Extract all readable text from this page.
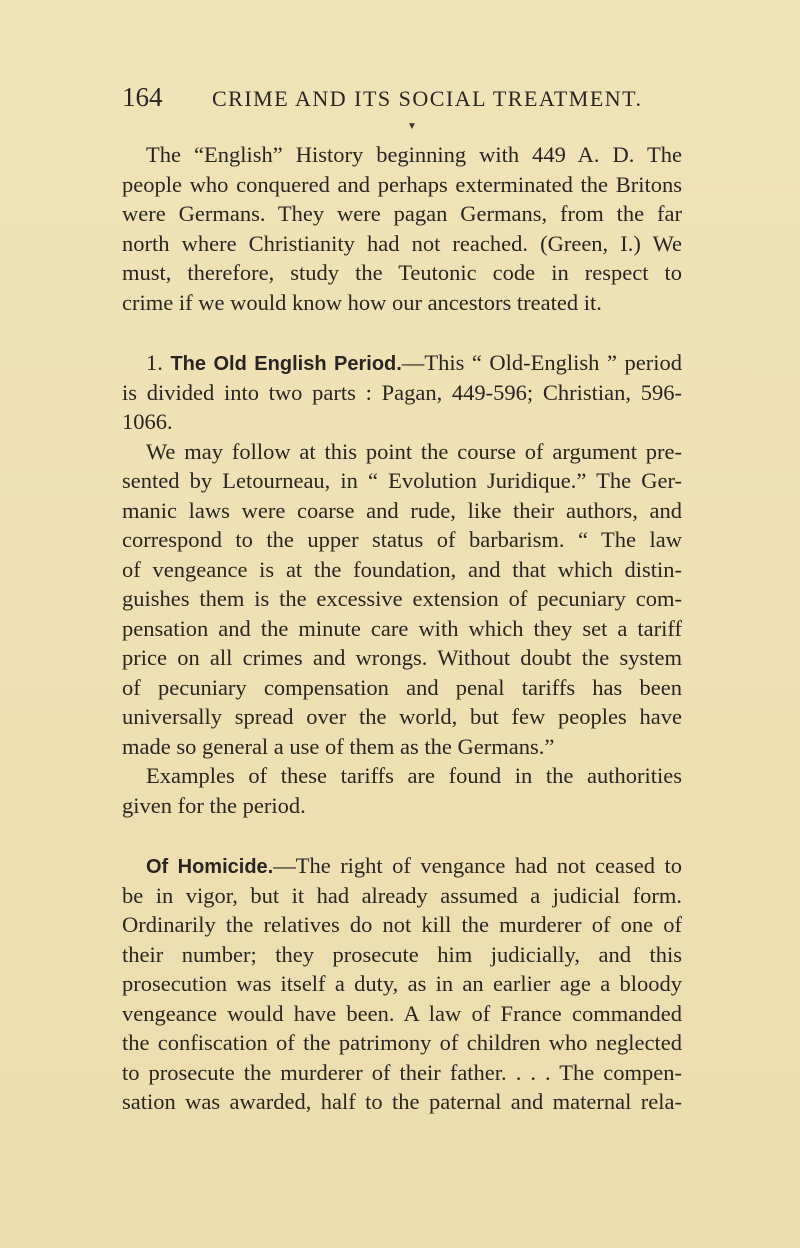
164 CRIME AND ITS SOCIAL TREATMENT.
▼
The “English” History beginning with 449 A. D. The
people who conquered and perhaps exterminated the Britons
were Germans. They were pagan Germans, from the far
north where Christianity had not reached. (Green, I.) We
must, therefore, study the Teutonic code in respect to
crime if we would know how our ancestors treated it.
1. The Old English Period.—This “ Old-English ” period
is divided into two parts : Pagan, 449-596; Christian, 596-
1066.
We may follow at this point the course of argument pre-
sented by Letourneau, in “ Evolution Juridique.” The Ger-
manic laws were coarse and rude, like their authors, and
correspond to the upper status of barbarism. “ The law
of vengeance is at the foundation, and that which distin-
guishes them is the excessive extension of pecuniary com-
pensation and the minute care with which they set a tariff
price on all crimes and wrongs. Without doubt the system
of pecuniary compensation and penal tariffs has been
universally spread over the world, but few peoples have
made so general a use of them as the Germans.”
Examples of these tariffs are found in the authorities
given for the period.
Of Homicide.—The right of vengance had not ceased to
be in vigor, but it had already assumed a judicial form.
Ordinarily the relatives do not kill the murderer of one of
their number; they prosecute him judicially, and this
prosecution was itself a duty, as in an earlier age a bloody
vengeance would have been. A law of France commanded
the confiscation of the patrimony of children who neglected
to prosecute the murderer of their father. . . . The compen-
sation was awarded, half to the paternal and maternal rela-
